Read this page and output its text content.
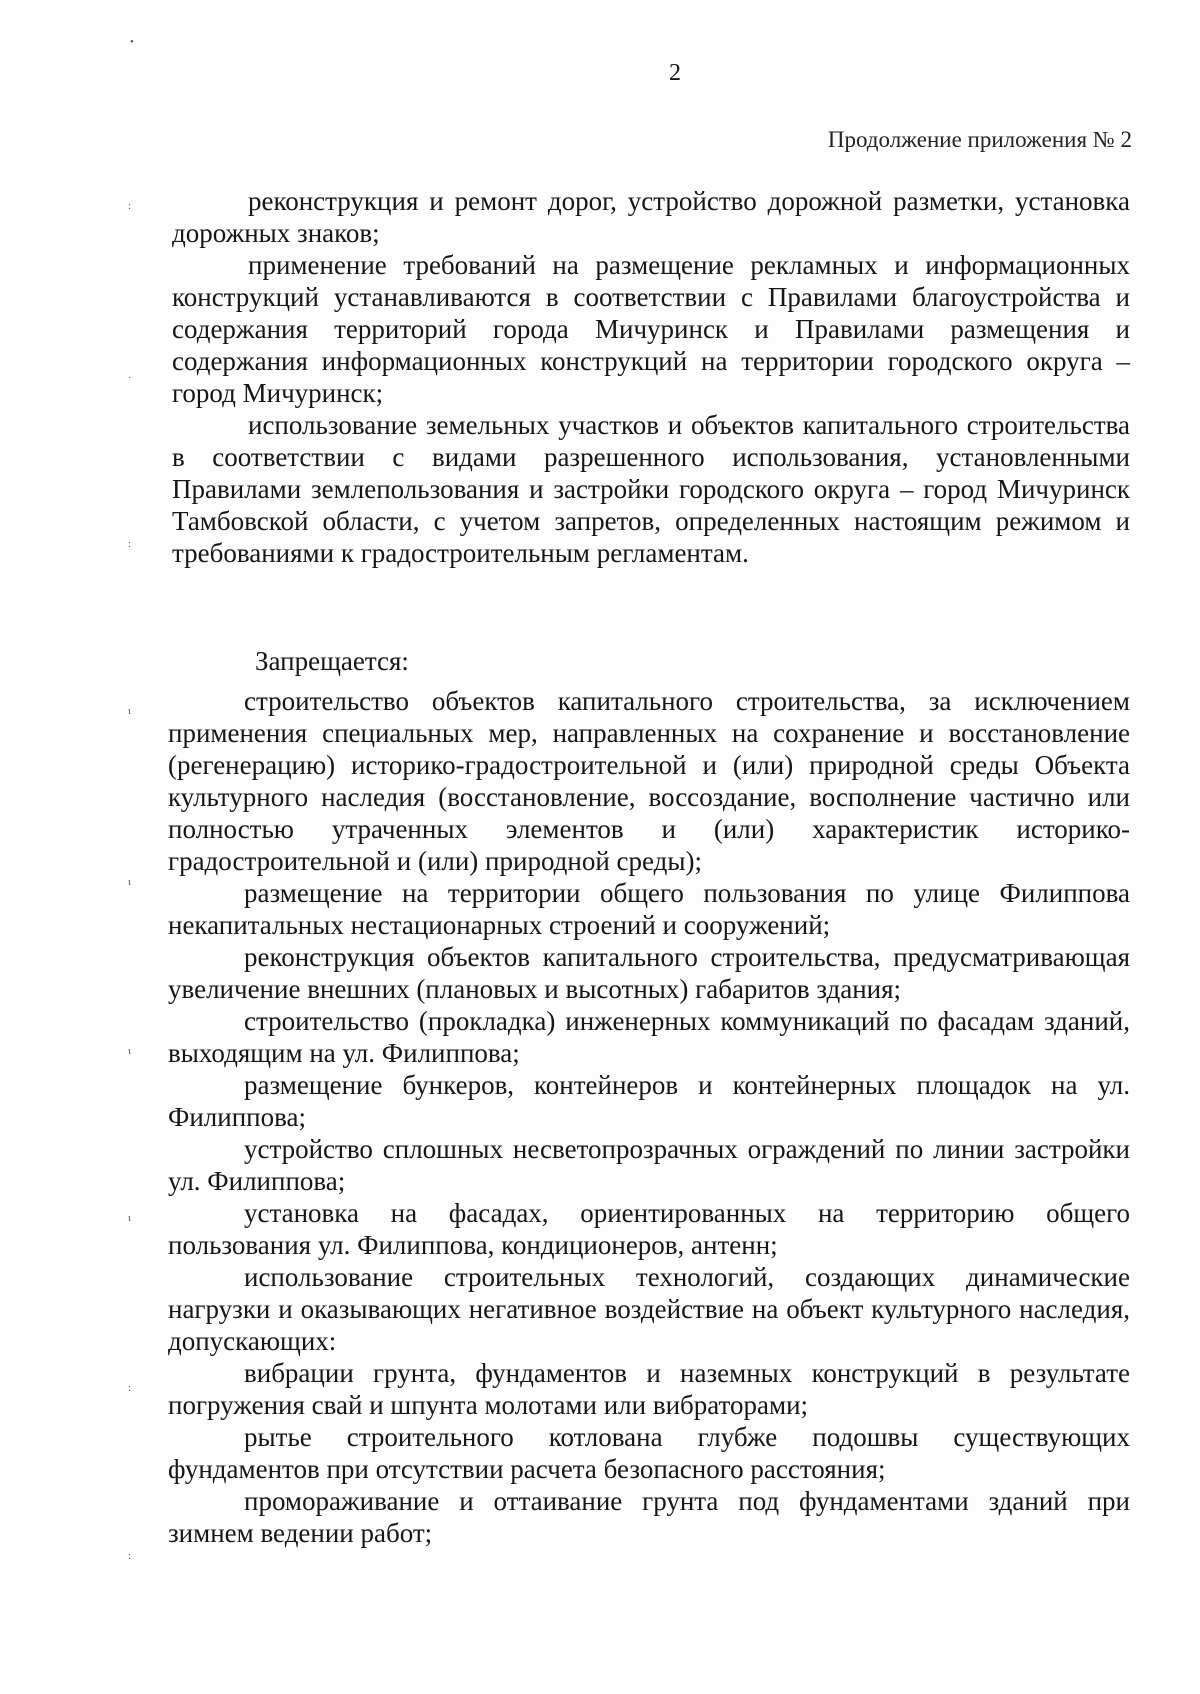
2
Продолжение приложения № 2

реконструкция и ремонт дорог, устройство дорожной разметки, установка дорожных знаков;

применение требований на размещение рекламных и информационных конструкций устанавливаются в соответствии с Правилами благоустройства и содержания территорий города Мичуринск и Правилами размещения и содержания информационных конструкций на территории городского округа – город Мичуринск;

использование земельных участков и объектов капитального строительства в соответствии с видами разрешенного использования, установленными Правилами землепользования и застройки городского округа – город Мичуринск Тамбовской области, с учетом запретов, определенных настоящим режимом и требованиями к градостроительным регламентам.

Запрещается:

строительство объектов капитального строительства, за исключением применения специальных мер, направленных на сохранение и восстановление (регенерацию) историко-градостроительной и (или) природной среды Объекта культурного наследия (восстановление, воссоздание, восполнение частично или полностью утраченных элементов и (или) характеристик историко-градостроительной и (или) природной среды);

размещение на территории общего пользования по улице Филиппова некапитальных нестационарных строений и сооружений;

реконструкция объектов капитального строительства, предусматривающая увеличение внешних (плановых и высотных) габаритов здания;

строительство (прокладка) инженерных коммуникаций по фасадам зданий, выходящим на ул. Филиппова;

размещение бункеров, контейнеров и контейнерных площадок на ул. Филиппова;

устройство сплошных несветопрозрачных ограждений по линии застройки ул. Филиппова;

установка на фасадах, ориентированных на территорию общего пользования ул. Филиппова, кондиционеров, антенн;

использование строительных технологий, создающих динамические нагрузки и оказывающих негативное воздействие на объект культурного наследия, допускающих:

вибрации грунта, фундаментов и наземных конструкций в результате погружения свай и шпунта молотами или вибраторами;

рытье строительного котлована глубже подошвы существующих фундаментов при отсутствии расчета безопасного расстояния;

промораживание и оттаивание грунта под фундаментами зданий при зимнем ведении работ;

•
:
·
:
ι
ι
ι
ι
:
:
